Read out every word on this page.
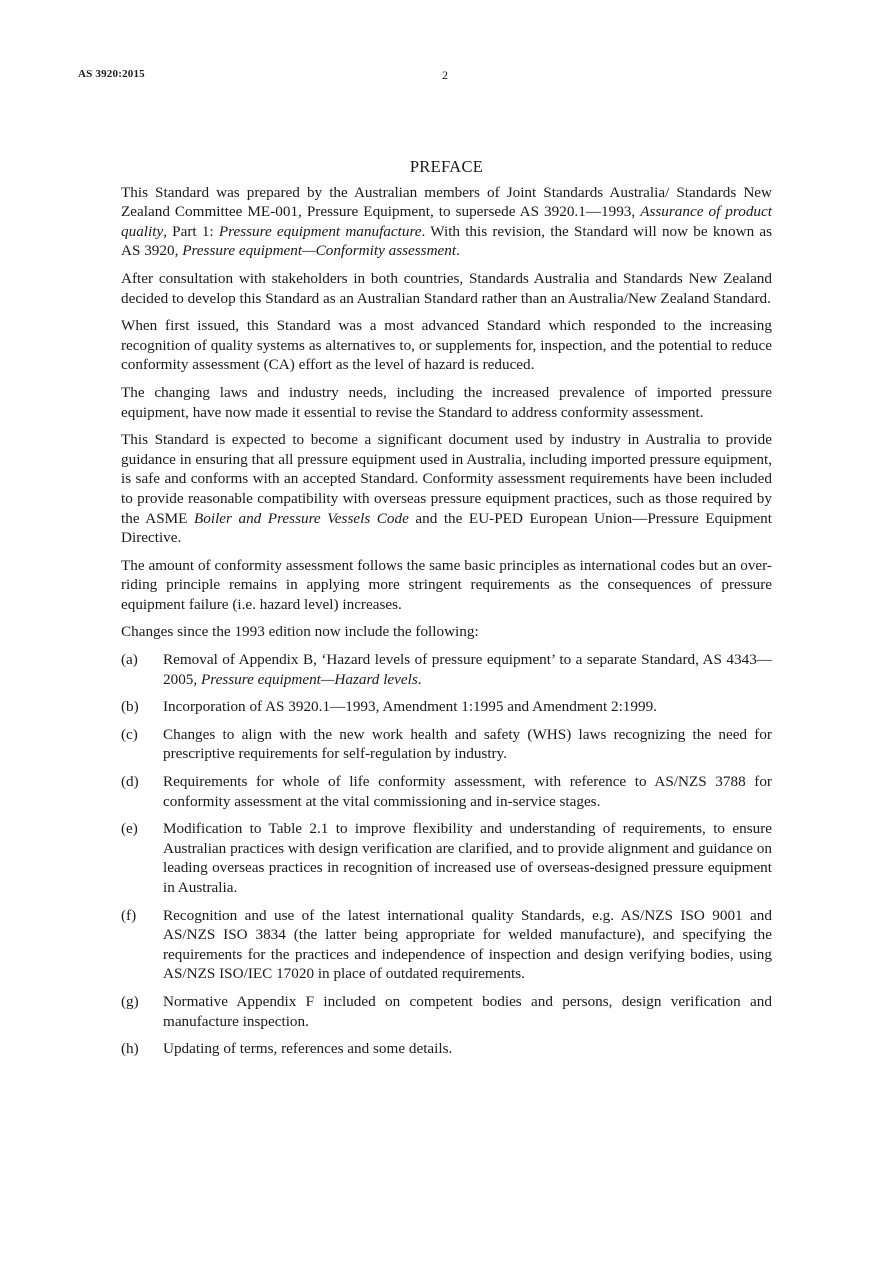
AS 3920:2015	2
PREFACE

This Standard was prepared by the Australian members of Joint Standards Australia/ Standards New Zealand Committee ME-001, Pressure Equipment, to supersede AS 3920.1—1993, Assurance of product quality, Part 1: Pressure equipment manufacture. With this revision, the Standard will now be known as AS 3920, Pressure equipment—Conformity assessment.

After consultation with stakeholders in both countries, Standards Australia and Standards New Zealand decided to develop this Standard as an Australian Standard rather than an Australia/New Zealand Standard.

When first issued, this Standard was a most advanced Standard which responded to the increasing recognition of quality systems as alternatives to, or supplements for, inspection, and the potential to reduce conformity assessment (CA) effort as the level of hazard is reduced.

The changing laws and industry needs, including the increased prevalence of imported pressure equipment, have now made it essential to revise the Standard to address conformity assessment.

This Standard is expected to become a significant document used by industry in Australia to provide guidance in ensuring that all pressure equipment used in Australia, including imported pressure equipment, is safe and conforms with an accepted Standard. Conformity assessment requirements have been included to provide reasonable compatibility with overseas pressure equipment practices, such as those required by the ASME Boiler and Pressure Vessels Code and the EU-PED European Union—Pressure Equipment Directive.

The amount of conformity assessment follows the same basic principles as international codes but an over-riding principle remains in applying more stringent requirements as the consequences of pressure equipment failure (i.e. hazard level) increases.

Changes since the 1993 edition now include the following:

(a)	Removal of Appendix B, ‘Hazard levels of pressure equipment’ to a separate Standard, AS 4343—2005, Pressure equipment—Hazard levels.
(b)	Incorporation of AS 3920.1—1993, Amendment 1:1995 and Amendment 2:1999.
(c)	Changes to align with the new work health and safety (WHS) laws recognizing the need for prescriptive requirements for self-regulation by industry.
(d)	Requirements for whole of life conformity assessment, with reference to AS/NZS 3788 for conformity assessment at the vital commissioning and in-service stages.
(e)	Modification to Table 2.1 to improve flexibility and understanding of requirements, to ensure Australian practices with design verification are clarified, and to provide alignment and guidance on leading overseas practices in recognition of increased use of overseas-designed pressure equipment in Australia.
(f)	Recognition and use of the latest international quality Standards, e.g. AS/NZS ISO 9001 and AS/NZS ISO 3834 (the latter being appropriate for welded manufacture), and specifying the requirements for the practices and independence of inspection and design verifying bodies, using AS/NZS ISO/IEC 17020 in place of outdated requirements.
(g)	Normative Appendix F included on competent bodies and persons, design verification and manufacture inspection.
(h)	Updating of terms, references and some details.
